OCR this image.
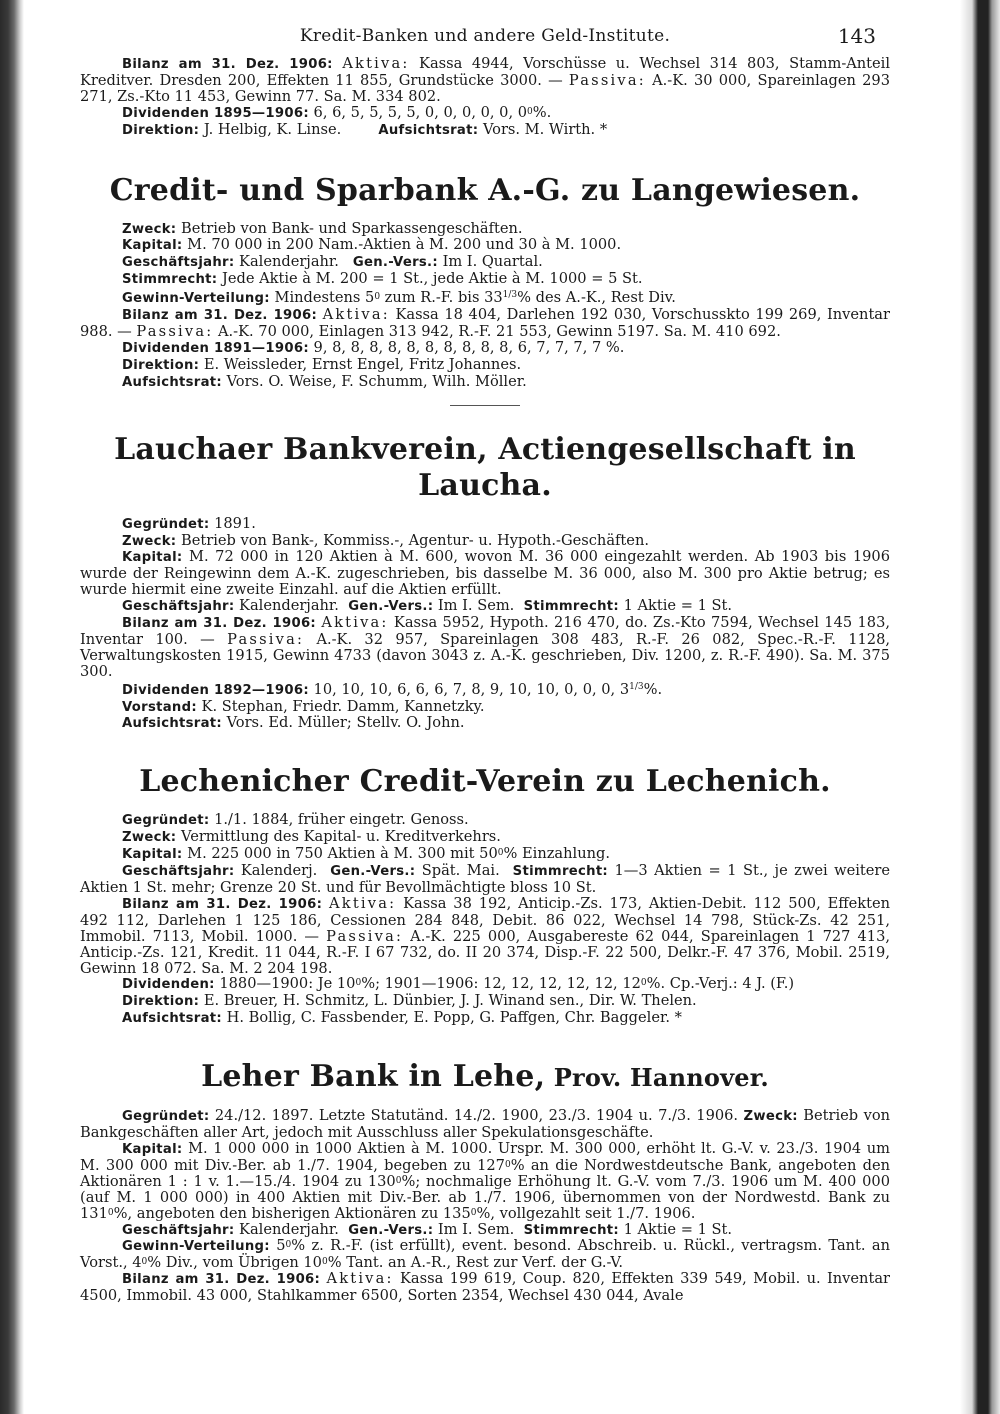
Kredit-Banken und andere Geld-Institute.	143

Bilanz am 31. Dez. 1906: Aktiva: Kassa 4944, Vorschüsse u. Wechsel 314 803, Stamm-Anteil Kreditver. Dresden 200, Effekten 11 855, Grundstücke 3000. — Passiva: A.-K. 30 000, Spareinlagen 293 271, Zs.-Kto 11 453, Gewinn 77. Sa. M. 334 802.

Dividenden 1895—1906: 6, 6, 5, 5, 5, 5, 0, 0, 0, 0, 0, $0^0\%$.

Direktion: J. Helbig, K. Linse.	Aufsichtsrat: Vors. M. Wirth. *

Credit- und Sparbank A.-G. zu Langewiesen.

Zweck: Betrieb von Bank- und Sparkassengeschäften.

Kapital: M. 70 000 in 200 Nam.-Aktien à M. 200 und 30 à M. 1000.

Geschäftsjahr: Kalenderjahr. Gen.-Vers.: Im I. Quartal.

Stimmrecht: Jede Aktie à M. 200 = 1 St., jede Aktie à M. 1000 = 5 St.

Gewinn-Verteilung: Mindestens $5^0$ zum R.-F. bis $33^{1/3}\%$ des A.-K., Rest Div.

Bilanz am 31. Dez. 1906: Aktiva: Kassa 18 404, Darlehen 192 030, Vorschusskto 199 269, Inventar 988. — Passiva: A.-K. 70 000, Einlagen 313 942, R.-F. 21 553, Gewinn 5197. Sa. M. 410 692.

Dividenden 1891—1906: 9, 8, 8, 8, 8, 8, 8, 8, 8, 8, 8, 6, 7, 7, 7, 7 %.

Direktion: E. Weissleder, Ernst Engel, Fritz Johannes.

Aufsichtsrat: Vors. O. Weise, F. Schumm, Wilh. Möller.

Lauchaer Bankverein, Actiengesellschaft in Laucha.

Gegründet: 1891.

Zweck: Betrieb von Bank-, Kommiss.-, Agentur- u. Hypoth.-Geschäften.

Kapital: M. 72 000 in 120 Aktien à M. 600, wovon M. 36 000 eingezahlt werden. Ab 1903 bis 1906 wurde der Reingewinn dem A.-K. zugeschrieben, bis dasselbe M. 36 000, also M. 300 pro Aktie betrug; es wurde hiermit eine zweite Einzahl. auf die Aktien erfüllt.

Geschäftsjahr: Kalenderjahr. Gen.-Vers.: Im I. Sem. Stimmrecht: 1 Aktie = 1 St.

Bilanz am 31. Dez. 1906: Aktiva: Kassa 5952, Hypoth. 216 470, do. Zs.-Kto 7594, Wechsel 145 183, Inventar 100. — Passiva: A.-K. 32 957, Spareinlagen 308 483, R.-F. 26 082, Spec.-R.-F. 1128, Verwaltungskosten 1915, Gewinn 4733 (davon 3043 z. A.-K. geschrieben, Div. 1200, z. R.-F. 490). Sa. M. 375 300.

Dividenden 1892—1906: 10, 10, 10, 6, 6, 6, 7, 8, 9, 10, 10, 0, 0, 0, $3^{1/3}\%$.

Vorstand: K. Stephan, Friedr. Damm, Kannetzky.

Aufsichtsrat: Vors. Ed. Müller; Stellv. O. John.

Lechenicher Credit-Verein zu Lechenich.

Gegründet: 1./1. 1884, früher eingetr. Genoss.

Zweck: Vermittlung des Kapital- u. Kreditverkehrs.

Kapital: M. 225 000 in 750 Aktien à M. 300 mit $50^0\%$ Einzahlung.

Geschäftsjahr: Kalenderj. Gen.-Vers.: Spät. Mai. Stimmrecht: 1—3 Aktien = 1 St., je zwei weitere Aktien 1 St. mehr; Grenze 20 St. und für Bevollmächtigte bloss 10 St.

Bilanz am 31. Dez. 1906: Aktiva: Kassa 38 192, Anticip.-Zs. 173, Aktien-Debit. 112 500, Effekten 492 112, Darlehen 1 125 186, Cessionen 284 848, Debit. 86 022, Wechsel 14 798, Stück-Zs. 42 251, Immobil. 7113, Mobil. 1000. — Passiva: A.-K. 225 000, Ausgabereste 62 044, Spareinlagen 1 727 413, Anticip.-Zs. 121, Kredit. 11 044, R.-F. I 67 732, do. II 20 374, Disp.-F. 22 500, Delkr.-F. 47 376, Mobil. 2519, Gewinn 18 072. Sa. M. 2 204 198.

Dividenden: 1880—1900: Je $10^0\%$; 1901—1906: 12, 12, 12, 12, 12, $12^0\%$. Cp.-Verj.: 4 J. (F.)

Direktion: E. Breuer, H. Schmitz, L. Dünbier, J. J. Winand sen., Dir. W. Thelen.

Aufsichtsrat: H. Bollig, C. Fassbender, E. Popp, G. Paffgen, Chr. Baggeler. *

Leher Bank in Lehe, Prov. Hannover.

Gegründet: 24./12. 1897. Letzte Statutänd. 14./2. 1900, 23./3. 1904 u. 7./3. 1906. Zweck: Betrieb von Bankgeschäften aller Art, jedoch mit Ausschluss aller Spekulationsgeschäfte.

Kapital: M. 1 000 000 in 1000 Aktien à M. 1000. Urspr. M. 300 000, erhöht lt. G.-V. v. 23./3. 1904 um M. 300 000 mit Div.-Ber. ab 1./7. 1904, begeben zu $127^0\%$ an die Nordwestdeutsche Bank, angeboten den Aktionären 1 : 1 v. 1.—15./4. 1904 zu $130^0\%$; nochmalige Erhöhung lt. G.-V. vom 7./3. 1906 um M. 400 000 (auf M. 1 000 000) in 400 Aktien mit Div.-Ber. ab 1./7. 1906, übernommen von der Nordwestd. Bank zu $131^0\%$, angeboten den bisherigen Aktionären zu $135^0\%$, vollgezahlt seit 1./7. 1906.

Geschäftsjahr: Kalenderjahr. Gen.-Vers.: Im I. Sem. Stimmrecht: 1 Aktie = 1 St.

Gewinn-Verteilung: $5^0\%$ z. R.-F. (ist erfüllt), event. besond. Abschreib. u. Rückl., vertragsm. Tant. an Vorst., $4^0\%$ Div., vom Übrigen $10^0\%$ Tant. an A.-R., Rest zur Verf. der G.-V.

Bilanz am 31. Dez. 1906: Aktiva: Kassa 199 619, Coup. 820, Effekten 339 549, Mobil. u. Inventar 4500, Immobil. 43 000, Stahlkammer 6500, Sorten 2354, Wechsel 430 044, Avale
